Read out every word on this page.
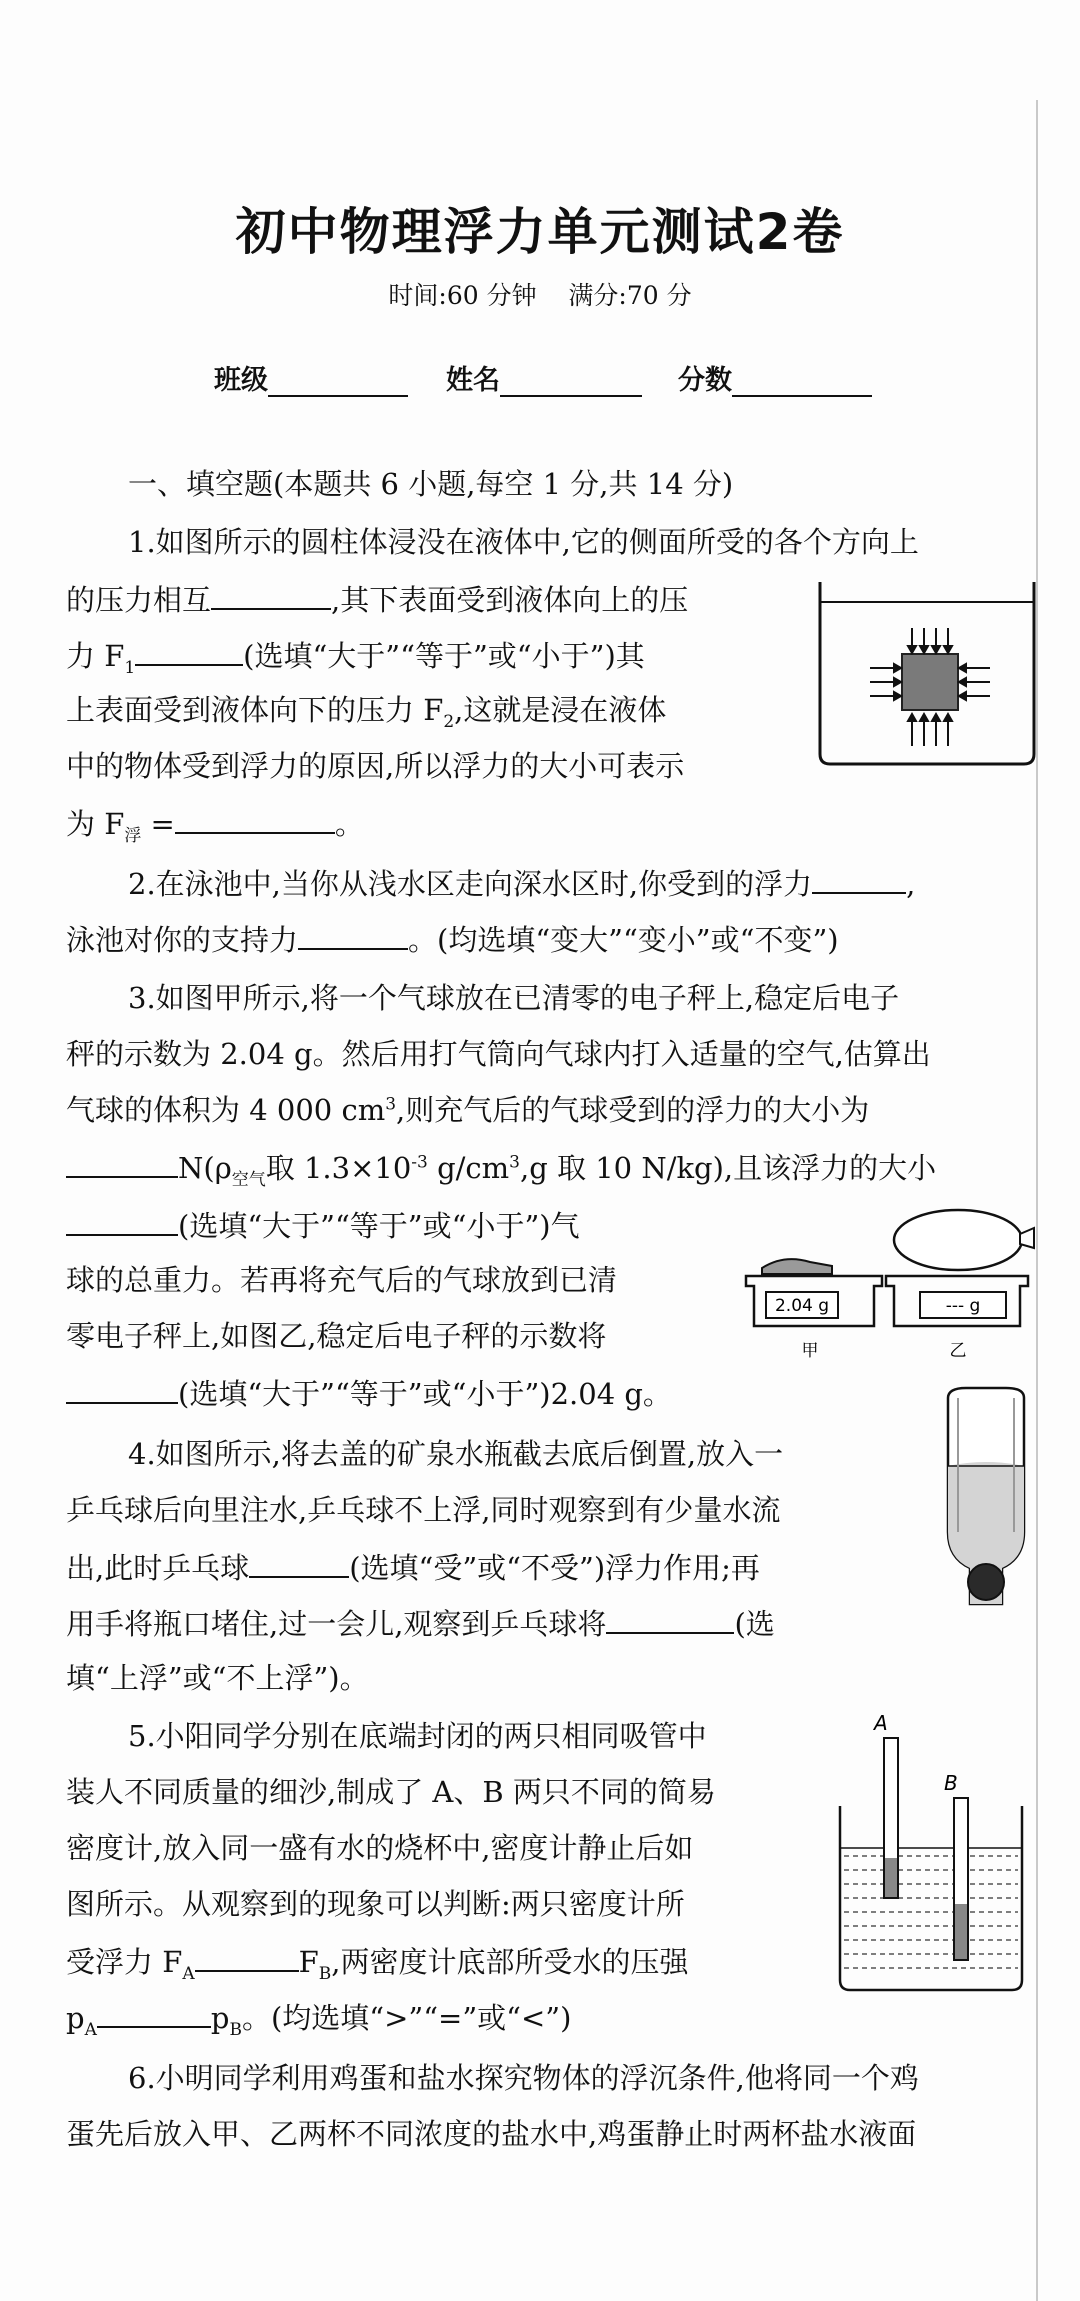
初中物理浮力单元测试2卷
时间:60 分钟 满分:70 分
班级	姓名	分数
一、填空题(本题共 6 小题,每空 1 分,共 14 分)
1.如图所示的圆柱体浸没在液体中,它的侧面所受的各个方向上
的压力相互	,其下表面受到液体向上的压
力 $F_1$	(选填“大于”“等于”或“小于”)其
上表面受到液体向下的压力 $F_2$,这就是浸在液体
中的物体受到浮力的原因,所以浮力的大小可表示
为 $F_浮$ =	。
2.在泳池中,当你从浅水区走向深水区时,你受到的浮力	,
泳池对你的支持力	。(均选填“变大”“变小”或“不变”)
3.如图甲所示,将一个气球放在已清零的电子秤上,稳定后电子
秤的示数为 2.04 g。然后用打气筒向气球内打入适量的空气,估算出
气球的体积为 4 000 $cm^3$,则充气后的气球受到的浮力的大小为
$N(\rho_{空气}$取 $1.3\times 10^{-3}$ $g/cm^3,g$ 取 10 N/kg),且该浮力的大小
(选填“大于”“等于”或“小于”)气
球的总重力。若再将充气后的气球放到已清
零电子秤上,如图乙,稳定后电子秤的示数将
(选填“大于”“等于”或“小于”)2.04 g。
2.04 g
甲
--- g
乙
4.如图所示,将去盖的矿泉水瓶截去底后倒置,放入一
乒乓球后向里注水,乒乓球不上浮,同时观察到有少量水流
出,此时乒乓球	(选填“受”或“不受”)浮力作用;再
用手将瓶口堵住,过一会儿,观察到乒乓球将	(选
填“上浮”或“不上浮”)。
5.小阳同学分别在底端封闭的两只相同吸管中
装人不同质量的细沙,制成了 A、B 两只不同的简易
密度计,放入同一盛有水的烧杯中,密度计静止后如
图所示。从观察到的现象可以判断:两只密度计所
受浮力 $F_A$	$F_B$,两密度计底部所受水的压强
$p_A$	$p_B$。(均选填“>”“=”或“<”)
A
B
6.小明同学利用鸡蛋和盐水探究物体的浮沉条件,他将同一个鸡
蛋先后放入甲、乙两杯不同浓度的盐水中,鸡蛋静止时两杯盐水液面
